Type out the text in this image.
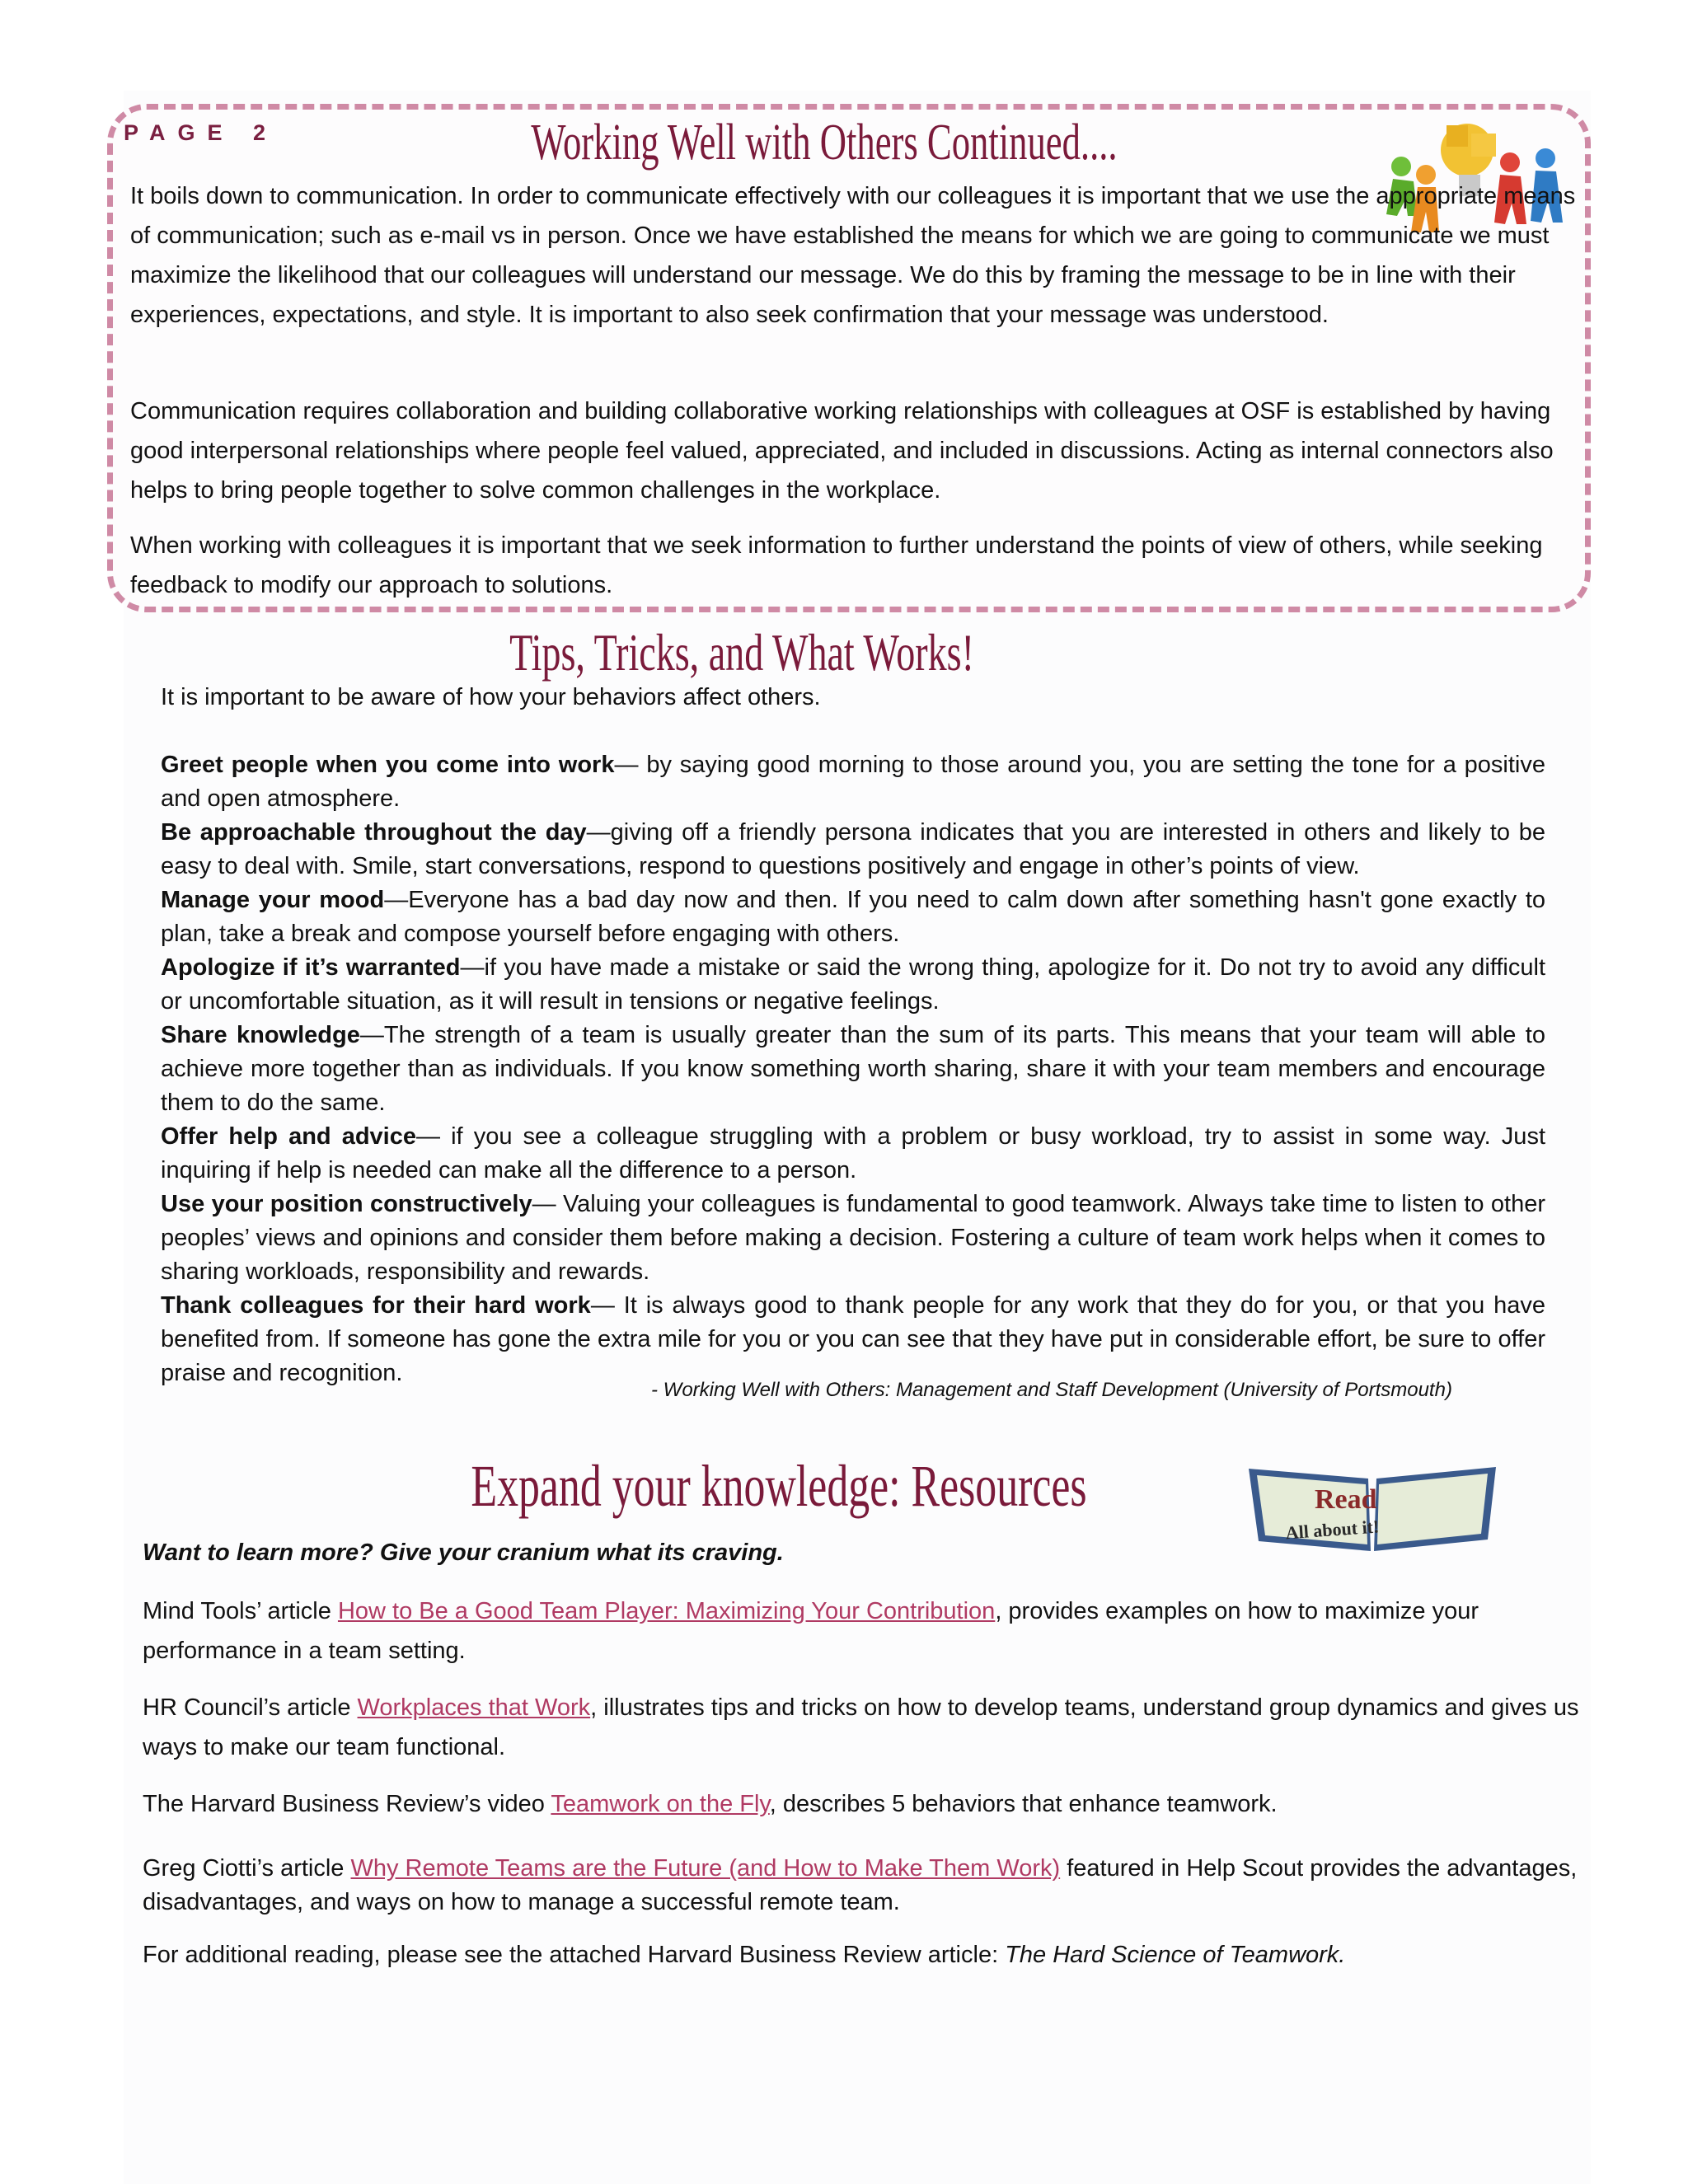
PAGE 2	Working Well with Others Continued....

It boils down to communication. In order to communicate effectively with our colleagues it is important that we use the appropriate means of communication; such as e-mail vs in person. Once we have established the means for which we are going to communicate we must maximize the likelihood that our colleagues will understand our message. We do this by framing the message to be in line with their experiences, expectations, and style. It is important to also seek confirmation that your message was understood.

Communication requires collaboration and building collaborative working relationships with colleagues at OSF is established by having good interpersonal relationships where people feel valued, appreciated, and included in discussions. Acting as internal connectors also helps to bring people together to solve common challenges in the workplace.

When working with colleagues it is important that we seek information to further understand the points of view of others, while seeking feedback to modify our approach to solutions.

Tips, Tricks, and What Works!

It is important to be aware of how your behaviors affect others.

Greet people when you come into work— by saying good morning to those around you, you are setting the tone for a positive and open atmosphere.

Be approachable throughout the day—giving off a friendly persona indicates that you are interested in others and likely to be easy to deal with. Smile, start conversations, respond to questions positively and engage in other’s points of view.

Manage your mood—Everyone has a bad day now and then. If you need to calm down after something hasn't gone exactly to plan, take a break and compose yourself before engaging with others.

Apologize if it’s warranted—if you have made a mistake or said the wrong thing, apologize for it. Do not try to avoid any difficult or uncomfortable situation, as it will result in tensions or negative feelings.

Share knowledge—The strength of a team is usually greater than the sum of its parts. This means that your team will able to achieve more together than as individuals. If you know something worth sharing, share it with your team members and encourage them to do the same.

Offer help and advice— if you see a colleague struggling with a problem or busy workload, try to assist in some way. Just inquiring if help is needed can make all the difference to a person.

Use your position constructively— Valuing your colleagues is fundamental to good teamwork. Always take time to listen to other peoples’ views and opinions and consider them before making a decision. Fostering a culture of team work helps when it comes to sharing workloads, responsibility and rewards.

Thank colleagues for their hard work— It is always good to thank people for any work that they do for you, or that you have benefited from. If someone has gone the extra mile for you or you can see that they have put in considerable effort, be sure to offer praise and recognition.

- Working Well with Others: Management and Staff Development (University of Portsmouth)
Expand your knowledge: Resources	Read
All about it!

Want to learn more? Give your cranium what its craving.

Mind Tools’ article How to Be a Good Team Player: Maximizing Your Contribution, provides examples on how to maximize your performance in a team setting.

HR Council’s article Workplaces that Work, illustrates tips and tricks on how to develop teams, understand group dynamics and gives us ways to make our team functional.

The Harvard Business Review’s video Teamwork on the Fly, describes 5 behaviors that enhance teamwork.

Greg Ciotti’s article Why Remote Teams are the Future (and How to Make Them Work) featured in Help Scout provides the advantages, disadvantages, and ways on how to manage a successful remote team.

For additional reading, please see the attached Harvard Business Review article: The Hard Science of Teamwork.
